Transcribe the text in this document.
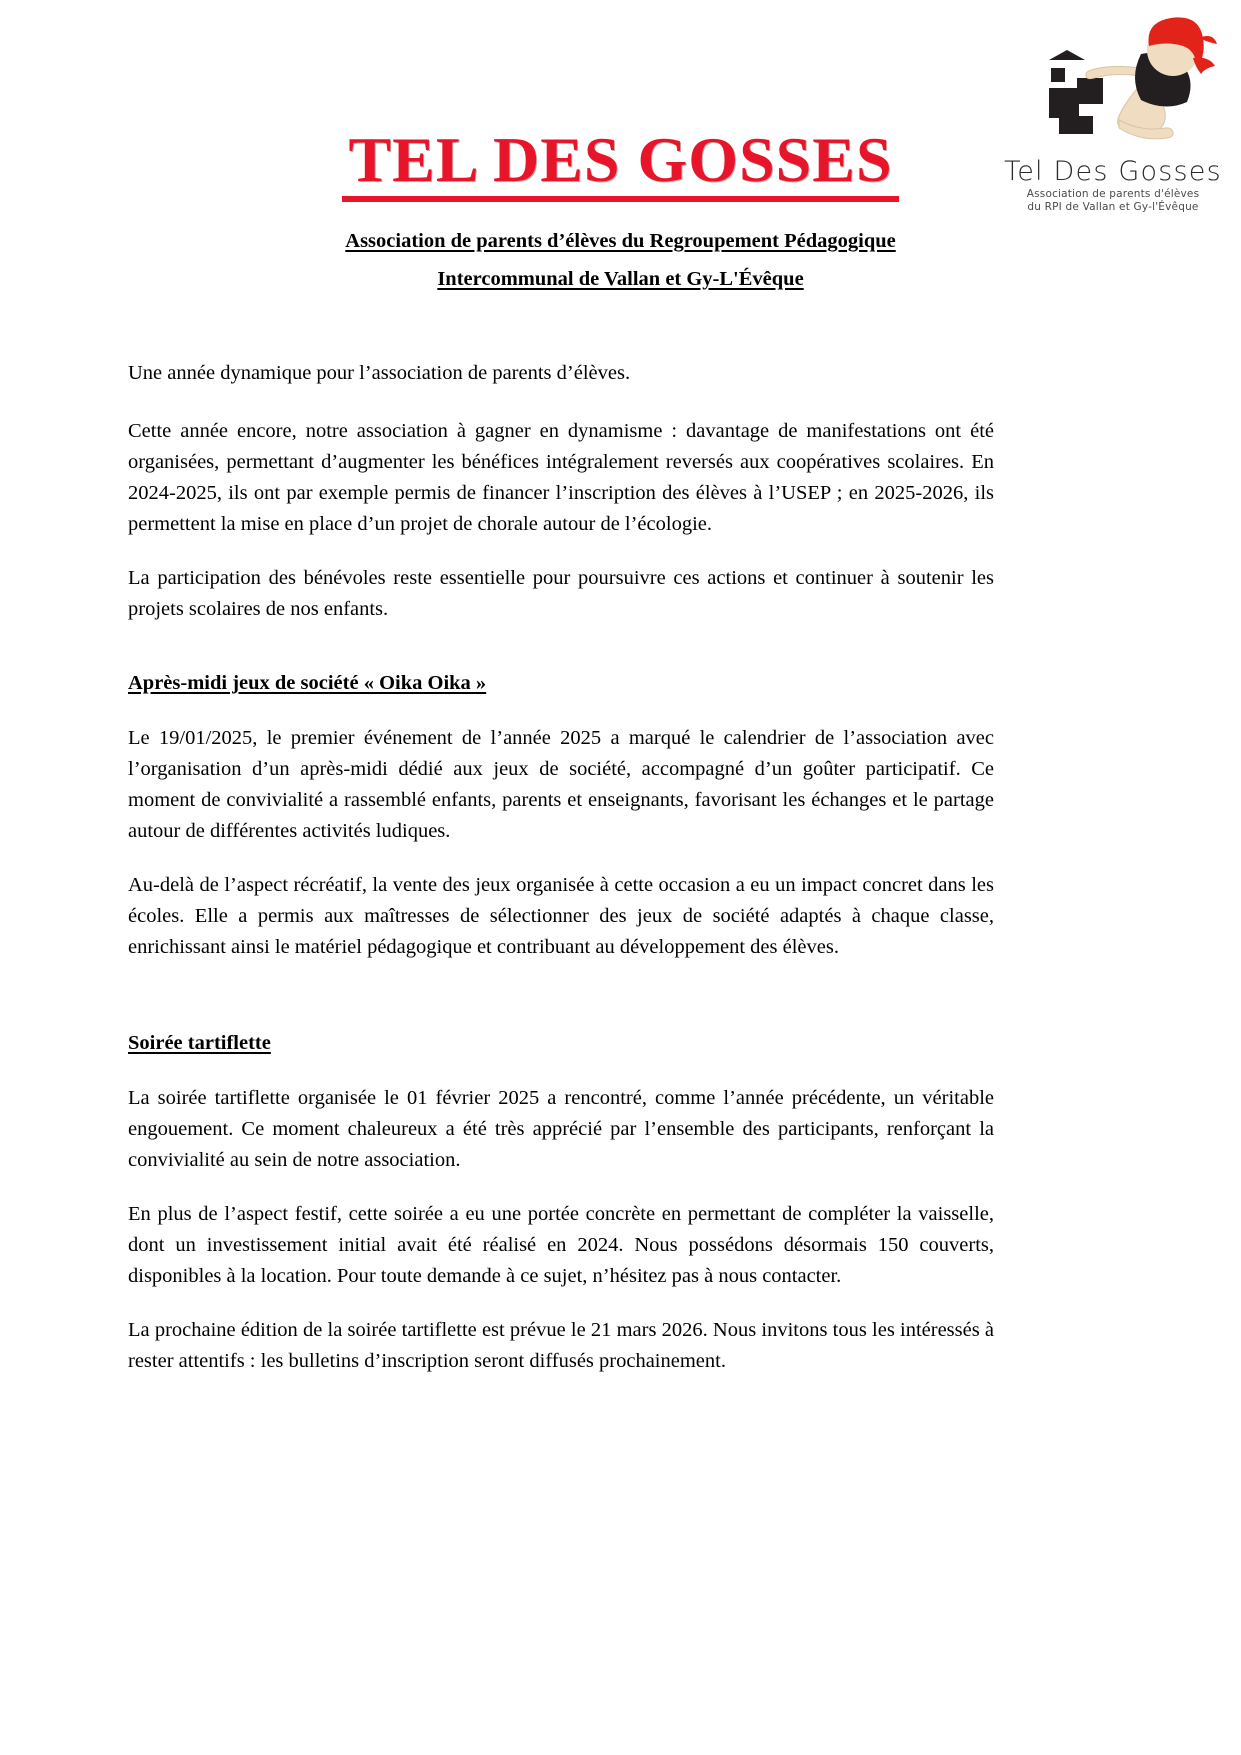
Tel Des Gosses
Association de parents d'élèves
du RPI de Vallan et Gy-l'Évêque
TEL DES GOSSES
Association de parents d’élèves du Regroupement Pédagogique
Intercommunal de Vallan et Gy-L'Évêque

Une année dynamique pour l’association de parents d’élèves.

Cette année encore, notre association à gagner en dynamisme : davantage de manifestations ont été organisées, permettant d’augmenter les bénéfices intégralement reversés aux coopératives scolaires. En 2024-2025, ils ont par exemple permis de financer l’inscription des élèves à l’USEP ; en 2025-2026, ils permettent la mise en place d’un projet de chorale autour de l’écologie.

La participation des bénévoles reste essentielle pour poursuivre ces actions et continuer à soutenir les projets scolaires de nos enfants.

Après-midi jeux de société « Oika Oika »

Le 19/01/2025, le premier événement de l’année 2025 a marqué le calendrier de l’association avec l’organisation d’un après-midi dédié aux jeux de société, accompagné d’un goûter participatif. Ce moment de convivialité a rassemblé enfants, parents et enseignants, favorisant les échanges et le partage autour de différentes activités ludiques.

Au-delà de l’aspect récréatif, la vente des jeux organisée à cette occasion a eu un impact concret dans les écoles. Elle a permis aux maîtresses de sélectionner des jeux de société adaptés à chaque classe, enrichissant ainsi le matériel pédagogique et contribuant au développement des élèves.

Soirée tartiflette

La soirée tartiflette organisée le 01 février 2025 a rencontré, comme l’année précédente, un véritable engouement. Ce moment chaleureux a été très apprécié par l’ensemble des participants, renforçant la convivialité au sein de notre association.

En plus de l’aspect festif, cette soirée a eu une portée concrète en permettant de compléter la vaisselle, dont un investissement initial avait été réalisé en 2024. Nous possédons désormais 150 couverts, disponibles à la location. Pour toute demande à ce sujet, n’hésitez pas à nous contacter.

La prochaine édition de la soirée tartiflette est prévue le 21 mars 2026. Nous invitons tous les intéressés à rester attentifs : les bulletins d’inscription seront diffusés prochainement.
